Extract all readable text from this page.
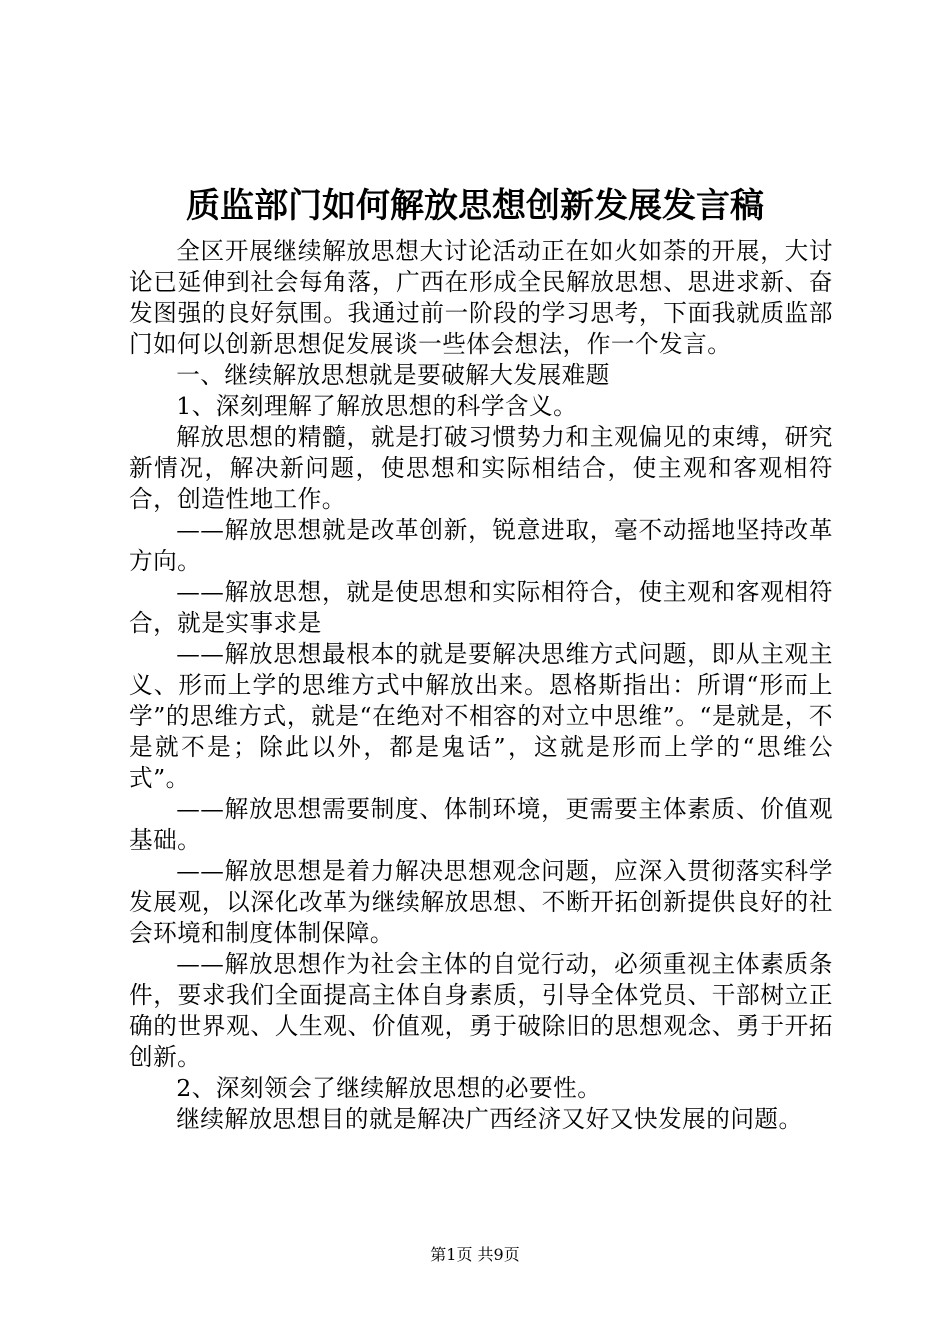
质监部门如何解放思想创新发展发言稿

全区开展继续解放思想大讨论活动正在如火如荼的开展，大讨论已延伸到社会每角落，广西在形成全民解放思想、思进求新、奋发图强的良好氛围。我通过前一阶段的学习思考，下面我就质监部门如何以创新思想促发展谈一些体会想法，作一个发言。

一、继续解放思想就是要破解大发展难题

1、深刻理解了解放思想的科学含义。

解放思想的精髓，就是打破习惯势力和主观偏见的束缚，研究新情况，解决新问题，使思想和实际相结合，使主观和客观相符合，创造性地工作。

——解放思想就是改革创新，锐意进取，毫不动摇地坚持改革方向。

——解放思想，就是使思想和实际相符合，使主观和客观相符合，就是实事求是

——解放思想最根本的就是要解决思维方式问题，即从主观主义、形而上学的思维方式中解放出来。恩格斯指出：所谓“形而上学”的思维方式，就是“在绝对不相容的对立中思维”。“是就是，不是就不是；除此以外，都是鬼话”，这就是形而上学的“思维公式”。

——解放思想需要制度、体制环境，更需要主体素质、价值观基础。

——解放思想是着力解决思想观念问题，应深入贯彻落实科学发展观，以深化改革为继续解放思想、不断开拓创新提供良好的社会环境和制度体制保障。

——解放思想作为社会主体的自觉行动，必须重视主体素质条件，要求我们全面提高主体自身素质，引导全体党员、干部树立正确的世界观、人生观、价值观，勇于破除旧的思想观念、勇于开拓创新。

2、深刻领会了继续解放思想的必要性。

继续解放思想目的就是解决广西经济又好又快发展的问题。

第1页 共9页
